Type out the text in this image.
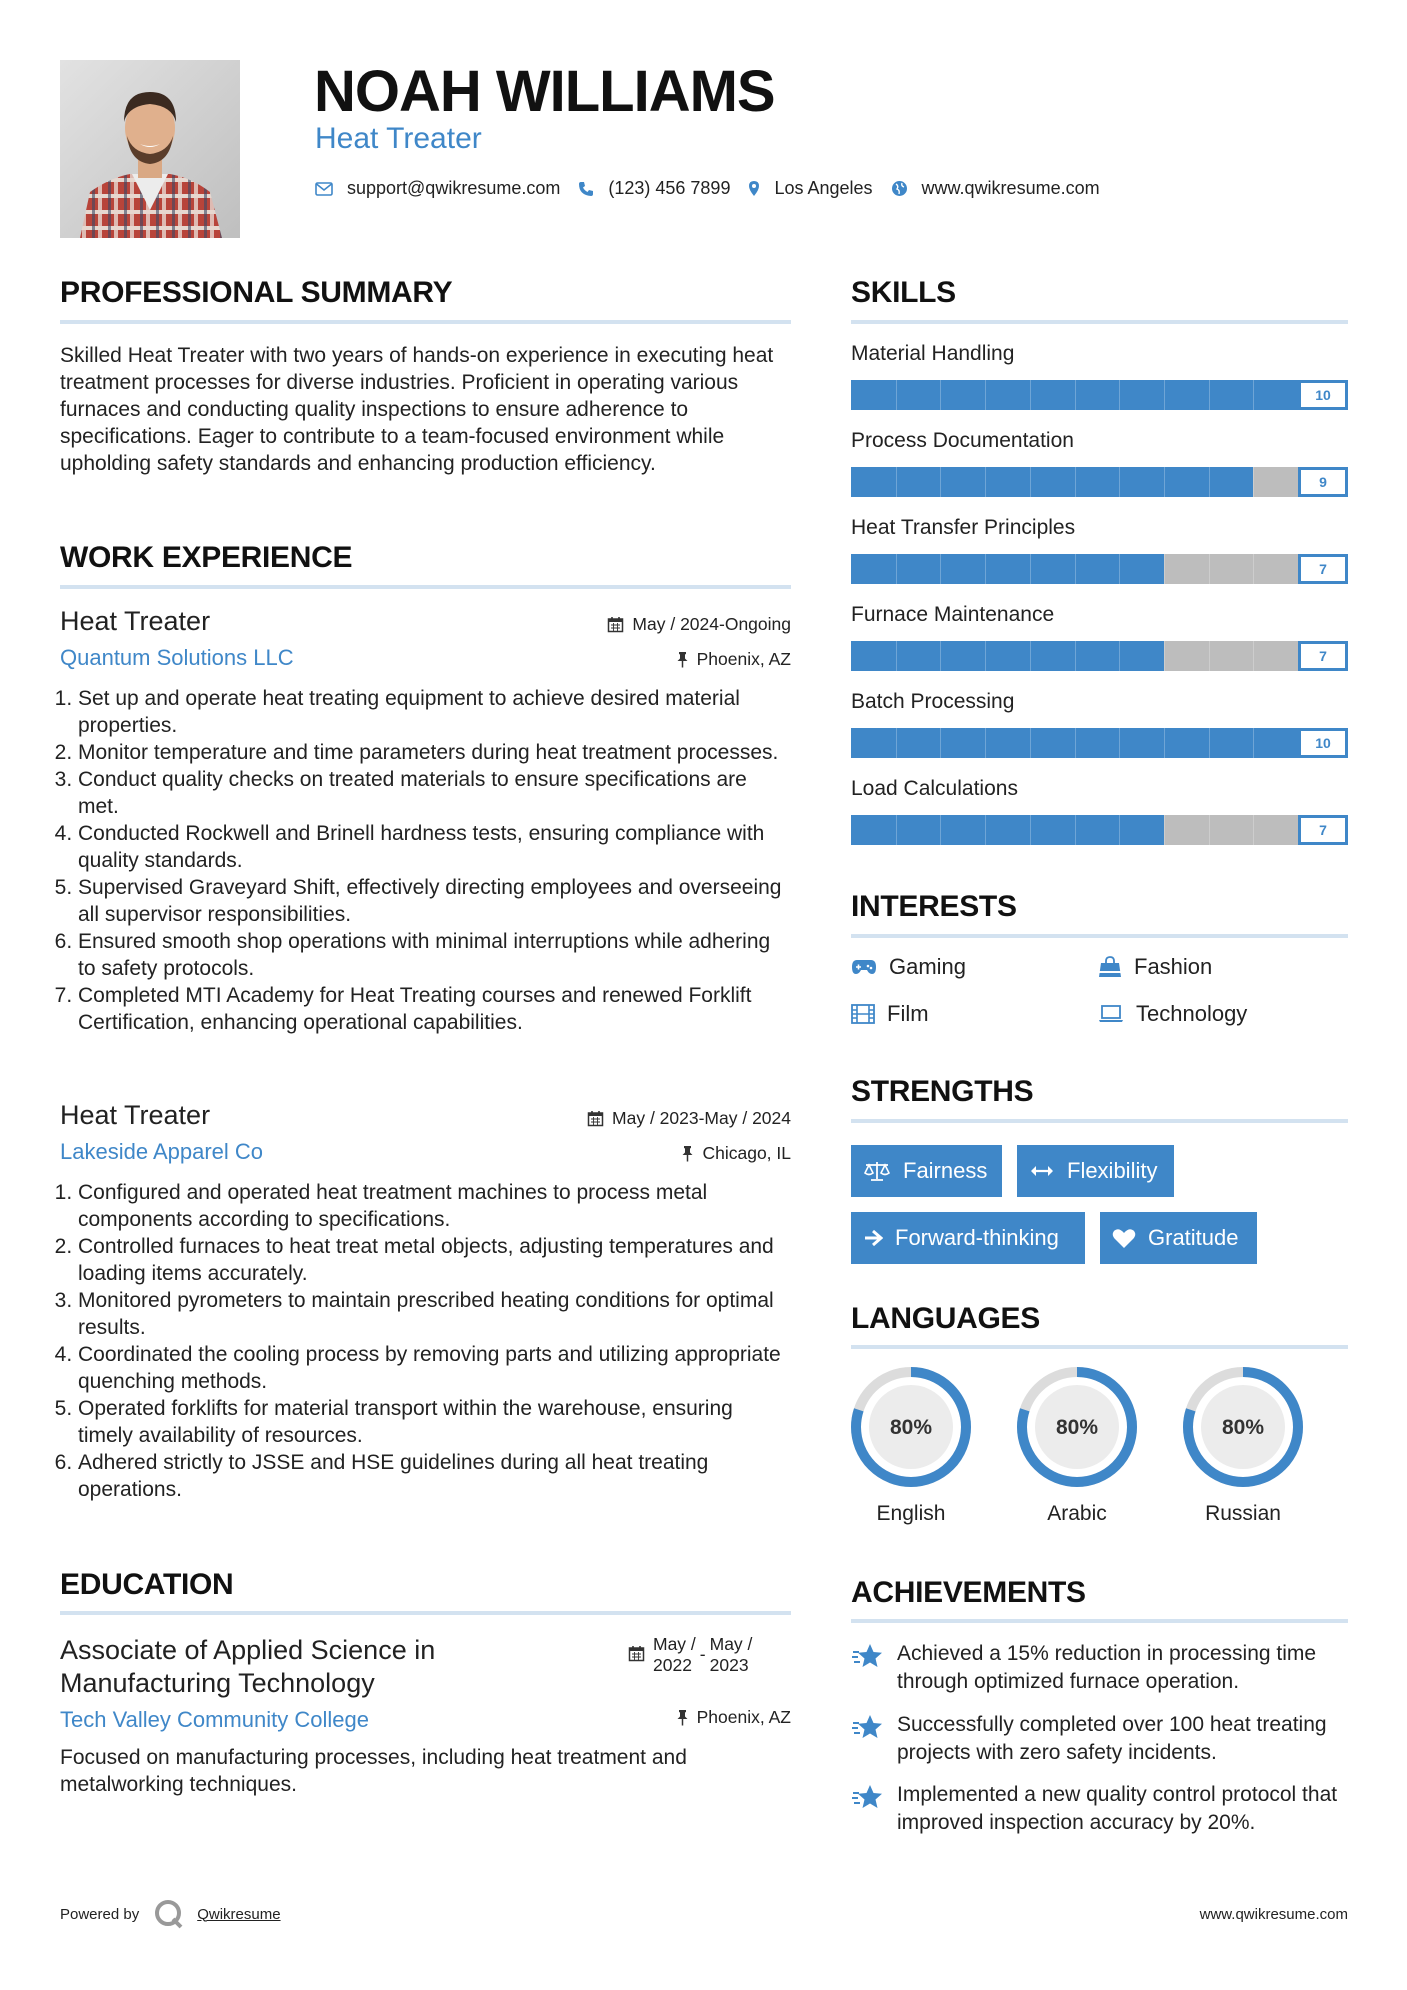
NOAH WILLIAMS
Heat Treater
support@qwikresume.com	(123) 456 7899 Los Angeles	www.qwikresume.com
PROFESSIONAL SUMMARY
Skilled Heat Treater with two years of hands-on experience in executing heat treatment processes for diverse industries. Proficient in operating various furnaces and conducting quality inspections to ensure adherence to specifications. Eager to contribute to a team-focused environment while upholding safety standards and enhancing production efficiency.
WORK EXPERIENCE
Heat Treater
Quantum Solutions LLC
May / 2024-Ongoing
Phoenix, AZ
1. Set up and operate heat treating equipment to achieve desired material properties.
2. Monitor temperature and time parameters during heat treatment processes.
3. Conduct quality checks on treated materials to ensure specifications are met.
4. Conducted Rockwell and Brinell hardness tests, ensuring compliance with quality standards.
5. Supervised Graveyard Shift, effectively directing employees and overseeing all supervisor responsibilities.
6. Ensured smooth shop operations with minimal interruptions while adhering to safety protocols.
7. Completed MTI Academy for Heat Treating courses and renewed Forklift Certification, enhancing operational capabilities.
Heat Treater
Lakeside Apparel Co
May / 2023-May / 2024
Chicago, IL
1. Configured and operated heat treatment machines to process metal components according to specifications.
2. Controlled furnaces to heat treat metal objects, adjusting temperatures and loading items accurately.
3. Monitored pyrometers to maintain prescribed heating conditions for optimal results.
4. Coordinated the cooling process by removing parts and utilizing appropriate quenching methods.
5. Operated forklifts for material transport within the warehouse, ensuring timely availability of resources.
6. Adhered strictly to JSSE and HSE guidelines during all heat treating operations.
EDUCATION
Associate of Applied Science in
Manufacturing Technology
Tech Valley Community College
May /
2022
- May /
2023
Phoenix, AZ
Focused on manufacturing processes, including heat treatment and metalworking techniques.
SKILLS
Material Handling
10
Process Documentation
9
Heat Transfer Principles
7
Furnace Maintenance
7
Batch Processing
10
Load Calculations
7
INTERESTS
Gaming	Fashion
Film	Technology
STRENGTHS
Fairness	Flexibility
Forward-thinking	Gratitude
LANGUAGES
80%
English
80%
Arabic
80%
Russian
ACHIEVEMENTS
Achieved a 15% reduction in processing time through optimized furnace operation.
Successfully completed over 100 heat treating projects with zero safety incidents.
Implemented a new quality control protocol that improved inspection accuracy by 20%.
Powered by	Qwikresume	www.qwikresume.com
